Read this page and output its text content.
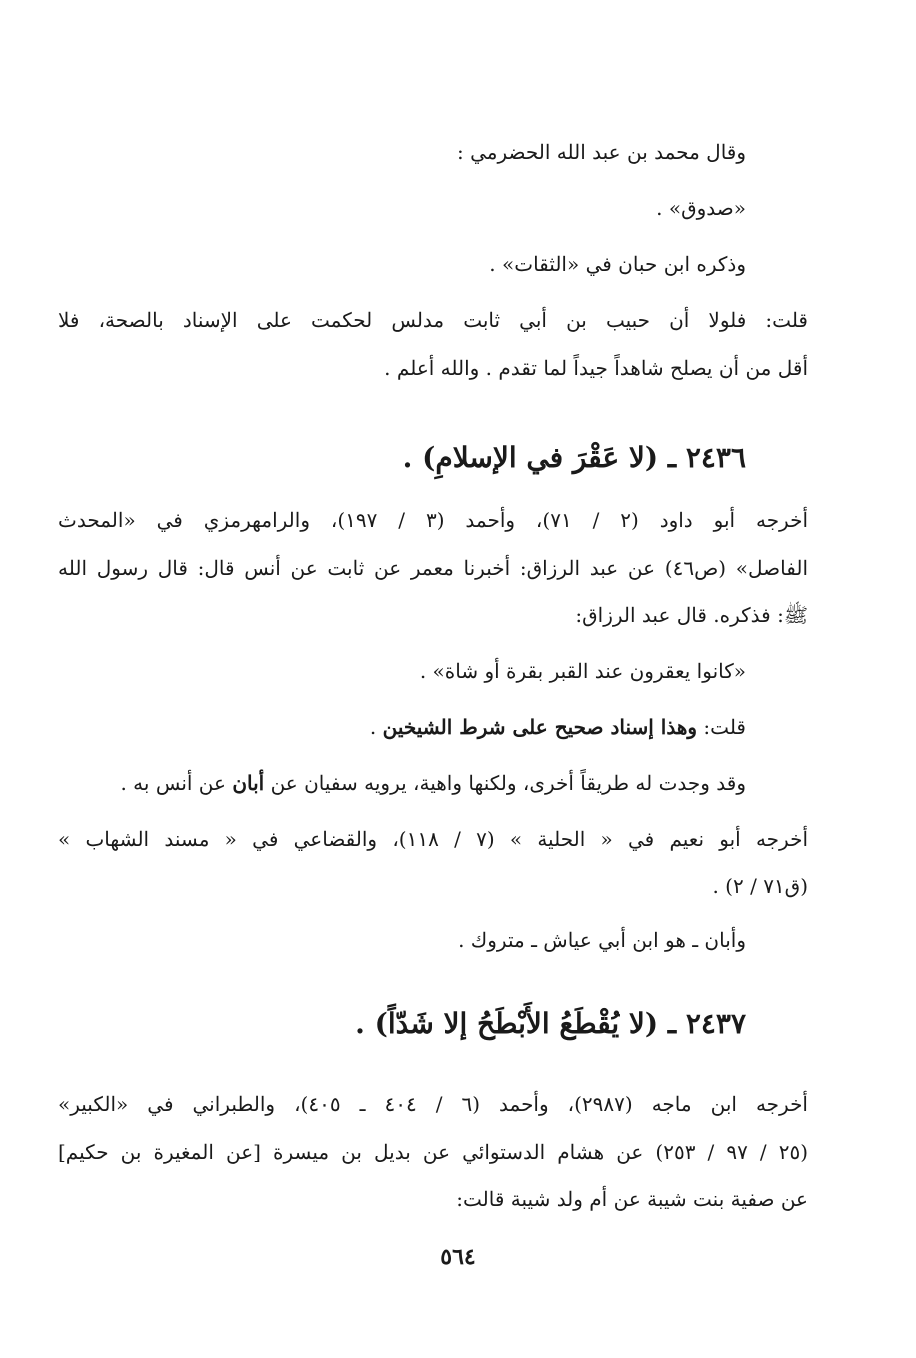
وقال محمد بن عبد الله الحضرمي :
«صدوق» .
وذكره ابن حبان في «الثقات» .
قلت: فلولا أن حبيب بن أبي ثابت مدلس لحكمت على الإسناد بالصحة، فلا
أقل من أن يصلح شاهداً جيداً لما تقدم . والله أعلم .
٢٤٣٦ ـ (لا عَقْرَ في الإسلامِ) .
أخرجه أبو داود (٢ / ٧١)، وأحمد (٣ / ١٩٧)، والرامهرمزي في «المحدث
الفاصل» (ص٤٦) عن عبد الرزاق: أخبرنا معمر عن ثابت عن أنس قال: قال رسول الله
ﷺ: فذكره. قال عبد الرزاق:
«كانوا يعقرون عند القبر بقرة أو شاة» .
قلت: وهذا إسناد صحيح على شرط الشيخين .
وقد وجدت له طريقاً أخرى، ولكنها واهية، يرويه سفيان عن أبان عن أنس به .
أخرجه أبو نعيم في « الحلية » (٧ / ١١٨)، والقضاعي في « مسند الشهاب »
(ق٧١ / ٢) .
وأبان ـ هو ابن أبي عياش ـ متروك .
٢٤٣٧ ـ (لا يُقْطَعُ الأَبْطَحُ إلا شَدّاً) .
أخرجه ابن ماجه (٢٩٨٧)، وأحمد (٦ / ٤٠٤ ـ ٤٠٥)، والطبراني في «الكبير»
(٢٥ / ٩٧ / ٢٥٣) عن هشام الدستوائي عن بديل بن ميسرة [عن المغيرة بن حكيم]
عن صفية بنت شيبة عن أم ولد شيبة قالت:
٥٦٤
